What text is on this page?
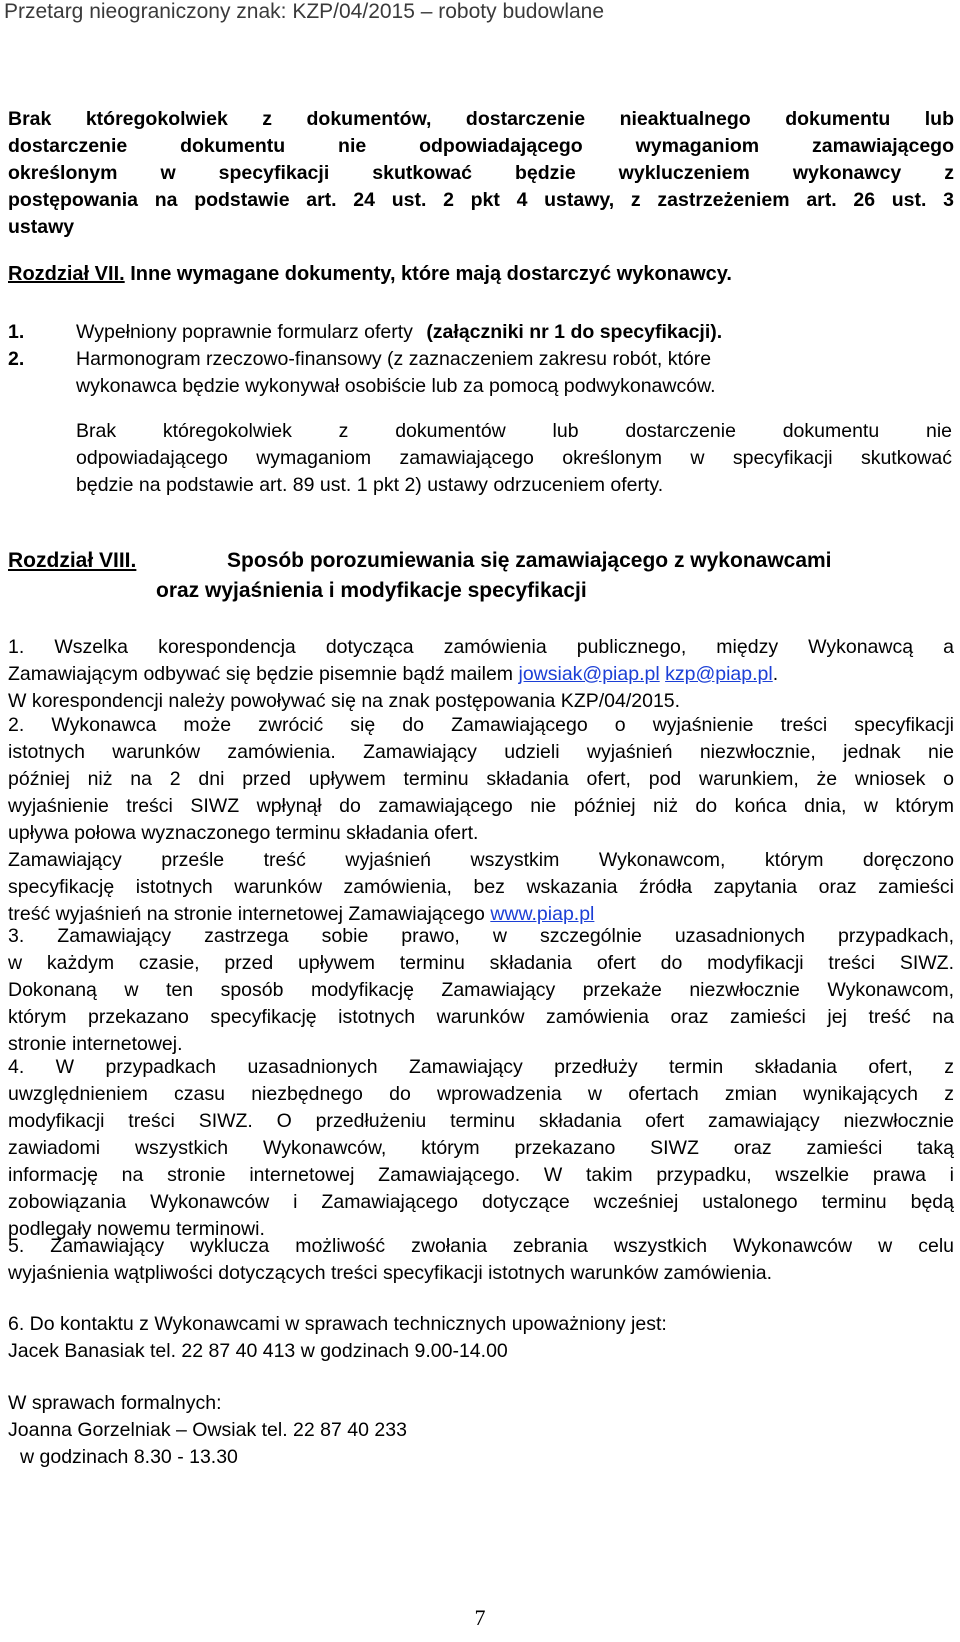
Przetarg nieograniczony znak: KZP/04/2015 – roboty budowlane
Brak któregokolwiek z dokumentów, dostarczenie nieaktualnego dokumentu lub
dostarczenie dokumentu nie odpowiadającego wymaganiom zamawiającego
określonym w specyfikacji skutkować będzie wykluczeniem wykonawcy z
postępowania na podstawie art. 24 ust. 2 pkt 4 ustawy, z zastrzeżeniem art. 26 ust. 3
ustawy
Rozdział VII. Inne wymagane dokumenty, które mają dostarczyć wykonawcy.
1.	Wypełniony poprawnie formularz oferty (załączniki nr 1 do specyfikacji).
2.	Harmonogram rzeczowo-finansowy (z zaznaczeniem zakresu robót, które
wykonawca będzie wykonywał osobiście lub za pomocą podwykonawców.
Brak któregokolwiek z dokumentów lub dostarczenie dokumentu nie
odpowiadającego wymaganiom zamawiającego określonym w specyfikacji skutkować
będzie na podstawie art. 89 ust. 1 pkt 2) ustawy odrzuceniem oferty.
Rozdział VIII.	Sposób porozumiewania się zamawiającego z wykonawcami
oraz wyjaśnienia i modyfikacje specyfikacji
1. Wszelka korespondencja dotycząca zamówienia publicznego, między Wykonawcą a
Zamawiającym odbywać się będzie pisemnie bądź mailem jowsiak@piap.pl kzp@piap.pl.
W korespondencji należy powoływać się na znak postępowania KZP/04/2015.
2. Wykonawca może zwrócić się do Zamawiającego o wyjaśnienie treści specyfikacji
istotnych warunków zamówienia. Zamawiający udzieli wyjaśnień niezwłocznie, jednak nie
później niż na 2 dni przed upływem terminu składania ofert, pod warunkiem, że wniosek o
wyjaśnienie treści SIWZ wpłynął do zamawiającego nie później niż do końca dnia, w którym
upływa połowa wyznaczonego terminu składania ofert.
Zamawiający prześle treść wyjaśnień wszystkim Wykonawcom, którym doręczono
specyfikację istotnych warunków zamówienia, bez wskazania źródła zapytania oraz zamieści
treść wyjaśnień na stronie internetowej Zamawiającego www.piap.pl
3. Zamawiający zastrzega sobie prawo, w szczególnie uzasadnionych przypadkach,
w każdym czasie, przed upływem terminu składania ofert do modyfikacji treści SIWZ.
Dokonaną w ten sposób modyfikację Zamawiający przekaże niezwłocznie Wykonawcom,
którym przekazano specyfikację istotnych warunków zamówienia oraz zamieści jej treść na
stronie internetowej.
4. W przypadkach uzasadnionych Zamawiający przedłuży termin składania ofert, z
uwzględnieniem czasu niezbędnego do wprowadzenia w ofertach zmian wynikających z
modyfikacji treści SIWZ. O przedłużeniu terminu składania ofert zamawiający niezwłocznie
zawiadomi wszystkich Wykonawców, którym przekazano SIWZ oraz zamieści taką
informację na stronie internetowej Zamawiającego. W takim przypadku, wszelkie prawa i
zobowiązania Wykonawców i Zamawiającego dotyczące wcześniej ustalonego terminu będą
podlegały nowemu terminowi.
5. Zamawiający wyklucza możliwość zwołania zebrania wszystkich Wykonawców w celu
wyjaśnienia wątpliwości dotyczących treści specyfikacji istotnych warunków zamówienia.
6. Do kontaktu z Wykonawcami w sprawach technicznych upoważniony jest:
Jacek Banasiak tel. 22 87 40 413 w godzinach 9.00-14.00
W sprawach formalnych:
Joanna Gorzelniak – Owsiak tel. 22 87 40 233
w godzinach 8.30 - 13.30
7
